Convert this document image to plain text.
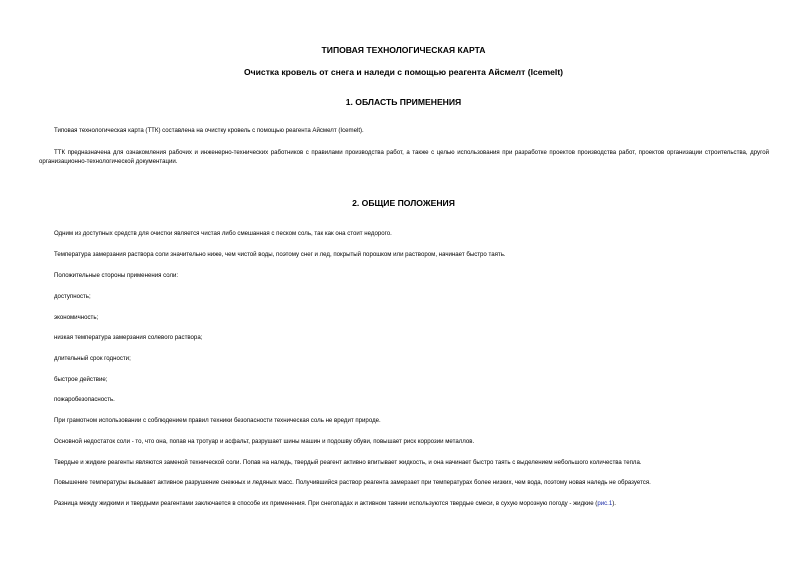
ТИПОВАЯ ТЕХНОЛОГИЧЕСКАЯ КАРТА
Очистка кровель от снега и наледи с помощью реагента Айсмелт (Icemelt)
1. ОБЛАСТЬ ПРИМЕНЕНИЯ
Типовая технологическая карта (ТТК) составлена на очистку кровель с помощью реагента Айсмелт (Icemelt).
ТТК предназначена для ознакомления рабочих и инженерно-технических работников с правилами производства работ, а также с целью использования при разработке проектов производства работ, проектов организации строительства, другой организационно-технологической документации.
2. ОБЩИЕ ПОЛОЖЕНИЯ
Одним из доступных средств для очистки является чистая либо смешанная с песком соль, так как она стоит недорого.
Температура замерзания раствора соли значительно ниже, чем чистой воды, поэтому снег и лед, покрытый порошком или раствором, начинает быстро таять.
Положительные стороны применения соли:
доступность;
экономичность;
низкая температура замерзания солевого раствора;
длительный срок годности;
быстрое действие;
пожаробезопасность.
При грамотном использовании с соблюдением правил техники безопасности техническая соль не вредит природе.
Основной недостаток соли - то, что она, попав на тротуар и асфальт, разрушает шины машин и подошву обуви, повышает риск коррозии металлов.
Твердые и жидкие реагенты являются заменой технической соли. Попав на наледь, твердый реагент активно впитывает жидкость, и она начинает быстро таять с выделением небольшого количества тепла.
Повышение температуры вызывает активное разрушение снежных и ледяных масс. Получившийся раствор реагента замерзает при температурах более низких, чем вода, поэтому новая наледь не образуется.
Разница между жидкими и твердыми реагентами заключается в способе их применения. При снегопадах и активном таянии используются твердые смеси, в сухую морозную погоду - жидкие (рис.1).
